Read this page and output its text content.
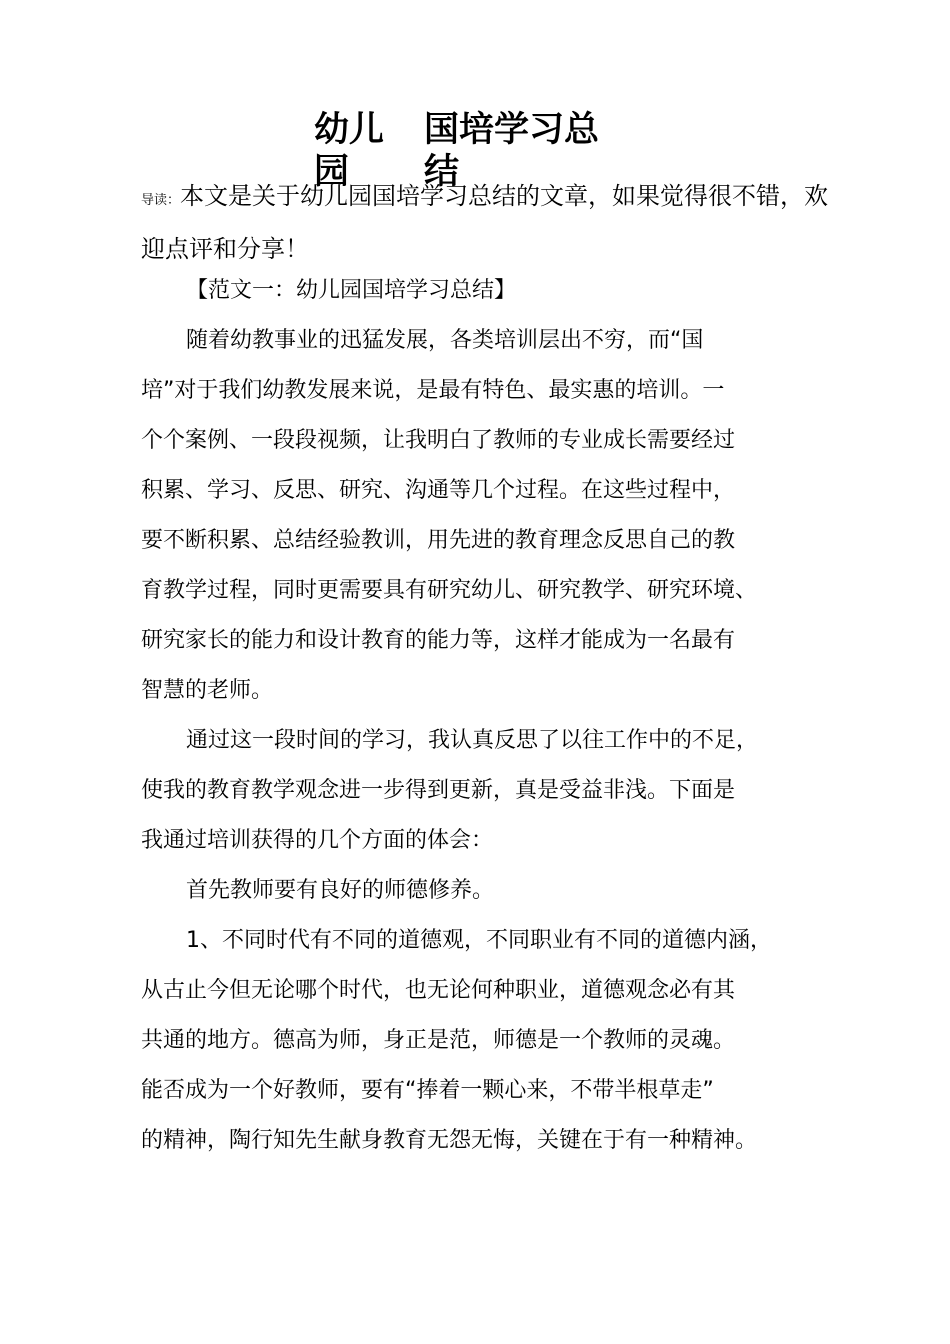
幼儿
园
国培学习总
结
导读：本文是关于幼儿园国培学习总结的文章，如果觉得很不错，欢迎点评和分享！
【范文一：幼儿园国培学习总结】
随着幼教事业的迅猛发展，各类培训层出不穷，而“国
培”对于我们幼教发展来说，是最有特色、最实惠的培训。一
个个案例、一段段视频，让我明白了教师的专业成长需要经过
积累、学习、反思、研究、沟通等几个过程。在这些过程中，
要不断积累、总结经验教训，用先进的教育理念反思自己的教
育教学过程，同时更需要具有研究幼儿、研究教学、研究环境、
研究家长的能力和设计教育的能力等，这样才能成为一名最有
智慧的老师。
通过这一段时间的学习，我认真反思了以往工作中的不足，
使我的教育教学观念进一步得到更新，真是受益非浅。下面是
我通过培训获得的几个方面的体会：
首先教师要有良好的师德修养。
1、不同时代有不同的道德观，不同职业有不同的道德内涵，
从古止今但无论哪个时代，也无论何种职业，道德观念必有其
共通的地方。德高为师，身正是范，师德是一个教师的灵魂。
能否成为一个好教师，要有“捧着一颗心来，不带半根草走”
的精神，陶行知先生献身教育无怨无悔，关键在于有一种精神。
